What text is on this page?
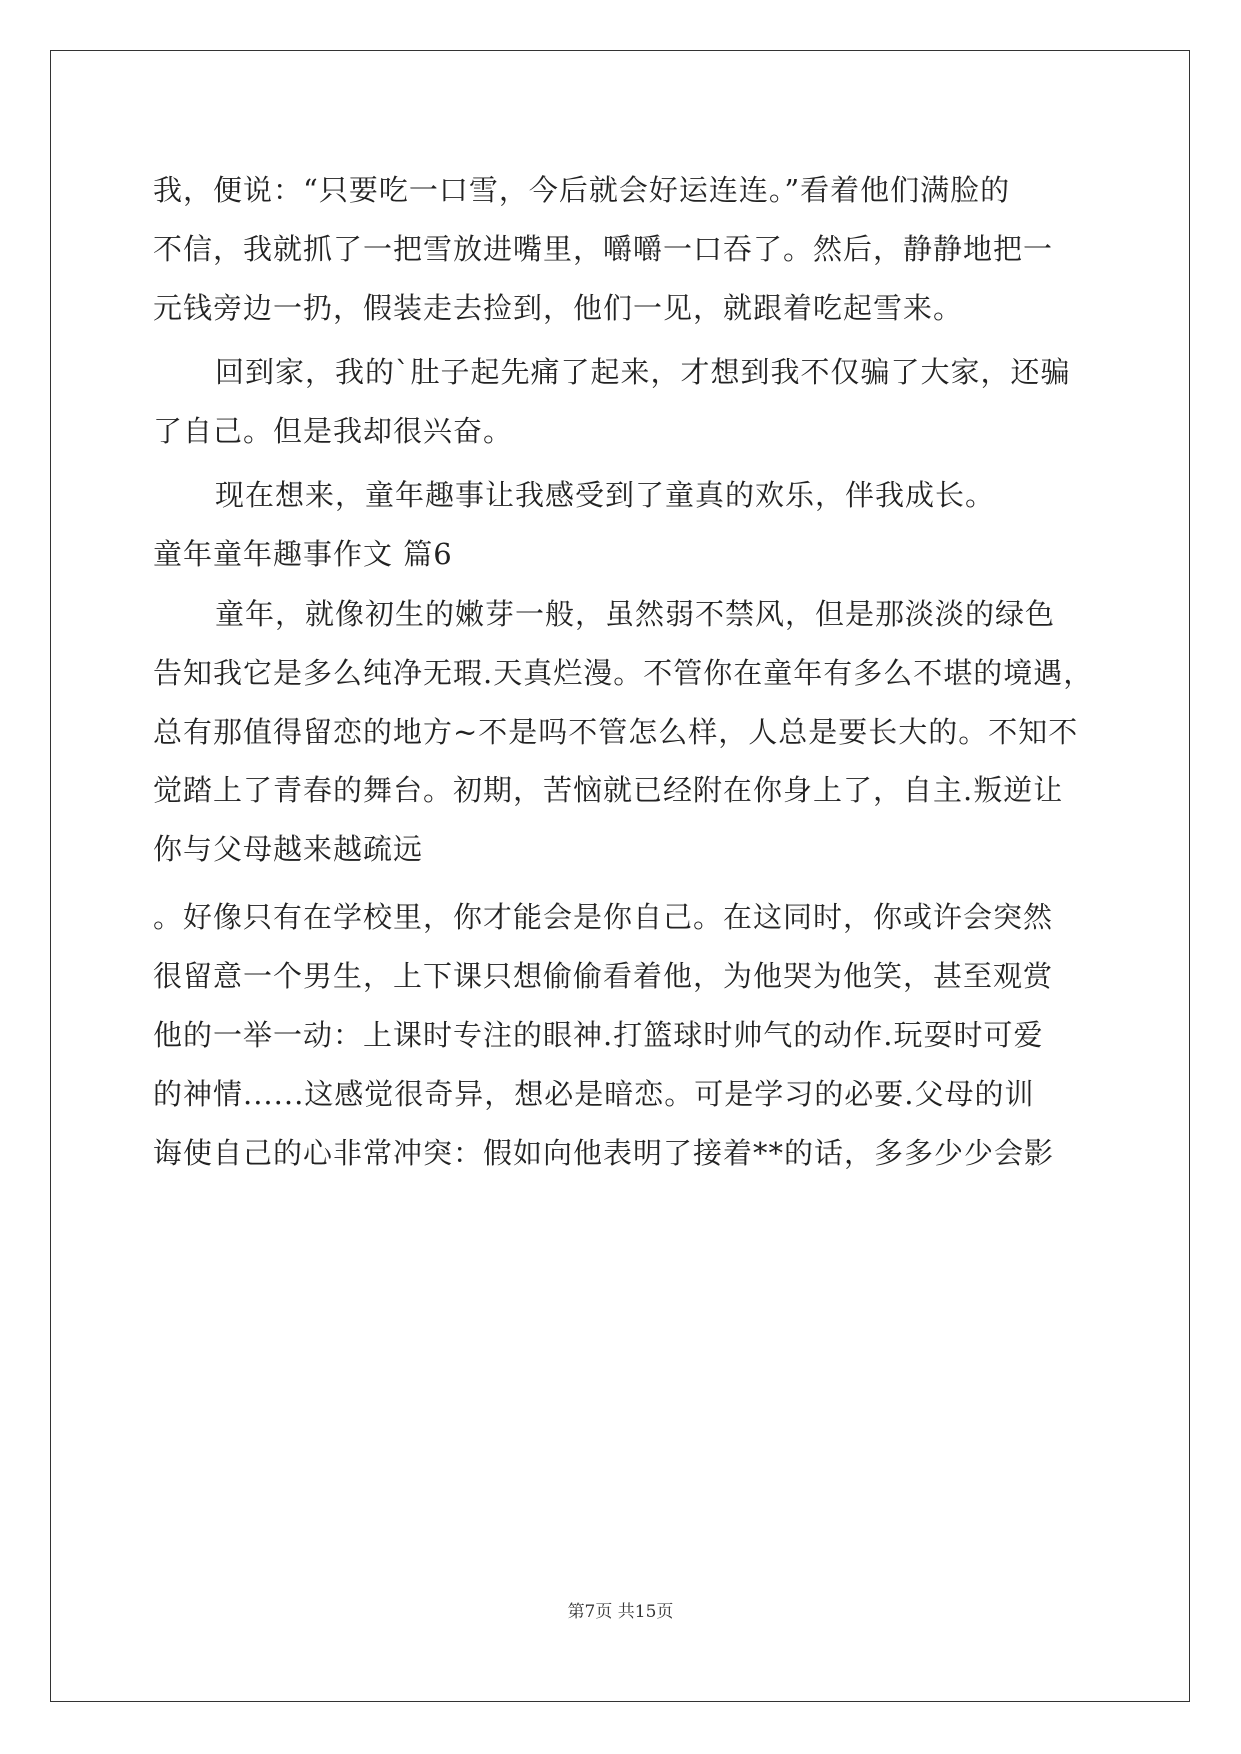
我，便说：“只要吃一口雪，今后就会好运连连。”看着他们满脸的
不信，我就抓了一把雪放进嘴里，嚼嚼一口吞了。然后，静静地把一
元钱旁边一扔，假装走去捡到，他们一见，就跟着吃起雪来。
回到家，我的`肚子起先痛了起来，才想到我不仅骗了大家，还骗
了自己。但是我却很兴奋。
现在想来，童年趣事让我感受到了童真的欢乐，伴我成长。
童年童年趣事作文 篇6
童年，就像初生的嫩芽一般，虽然弱不禁风，但是那淡淡的绿色
告知我它是多么纯净无瑕.天真烂漫。不管你在童年有多么不堪的境遇，
总有那值得留恋的地方~不是吗不管怎么样，人总是要长大的。不知不
觉踏上了青春的舞台。初期，苦恼就已经附在你身上了，自主.叛逆让
你与父母越来越疏远
。好像只有在学校里，你才能会是你自己。在这同时，你或许会突然
很留意一个男生，上下课只想偷偷看着他，为他哭为他笑，甚至观赏
他的一举一动：上课时专注的眼神.打篮球时帅气的动作.玩耍时可爱
的神情......这感觉很奇异，想必是暗恋。可是学习的必要.父母的训
诲使自己的心非常冲突：假如向他表明了接着**的话，多多少少会影
第7页 共15页
